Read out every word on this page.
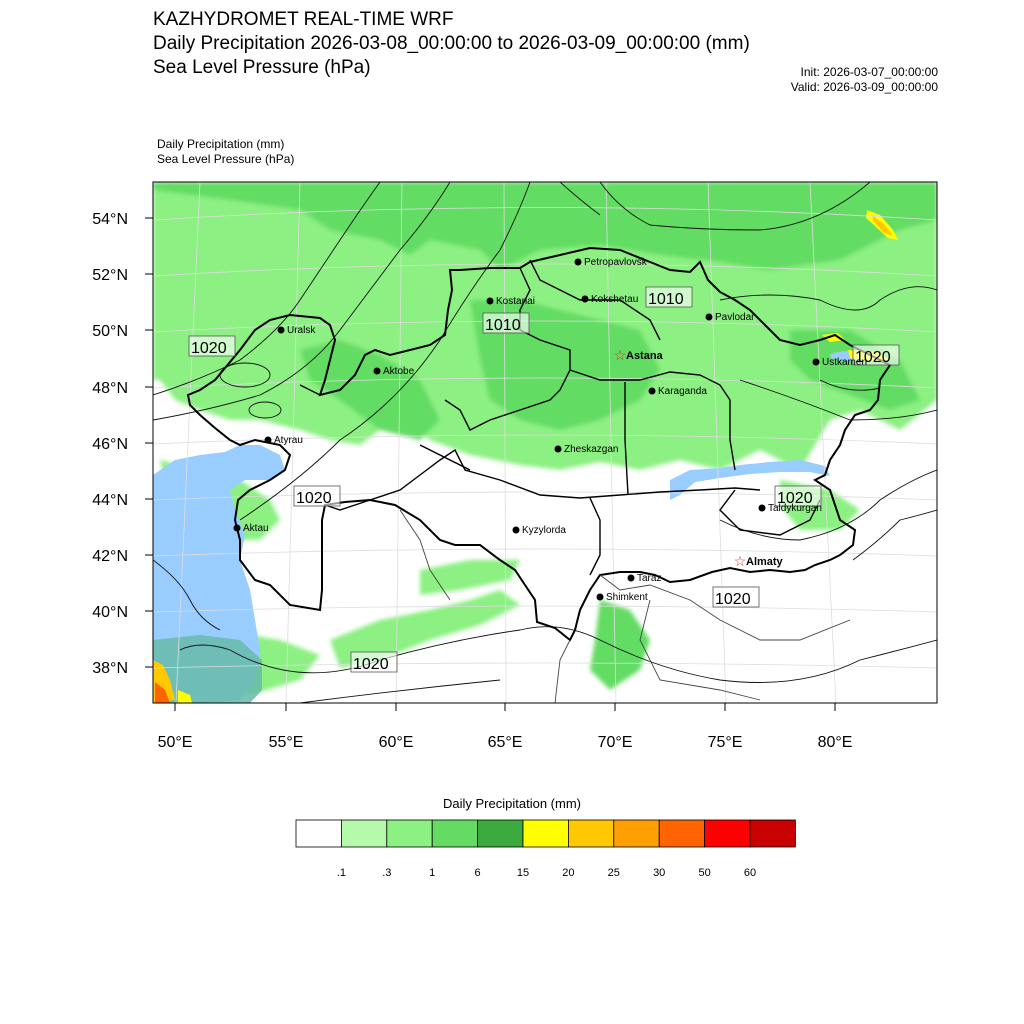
KAZHYDROMET REAL-TIME WRF
Daily Precipitation 2026-03-08_00:00:00 to 2026-03-09_00:00:00 (mm)
Sea Level Pressure (hPa)	Init: 2026-03-07_00:00:00
Valid: 2026-03-09_00:00:00
Daily Precipitation (mm)
Sea Level Pressure (hPa)
54°N
52°N
50°N
48°N
46°N
44°N
42°N
40°N
38°N
50°E	55°E	60°E	65°E	70°E	75°E	80°E
1020
1010
1010
1020
1020	1020
1020
1020
Petropavlovsk
Kostanai	Kokshetau
Uralsk
Pavlodar
☆ Astana
Aktobe
Ustkamen
Karaganda
Atyrau
Zheskazgan
Aktau	Kyzylorda
Taldykurgan
☆ Almaty
Taraz
Shimkent
Daily Precipitation (mm)
.1	.3	1	6	15	20	25	30	50	60
